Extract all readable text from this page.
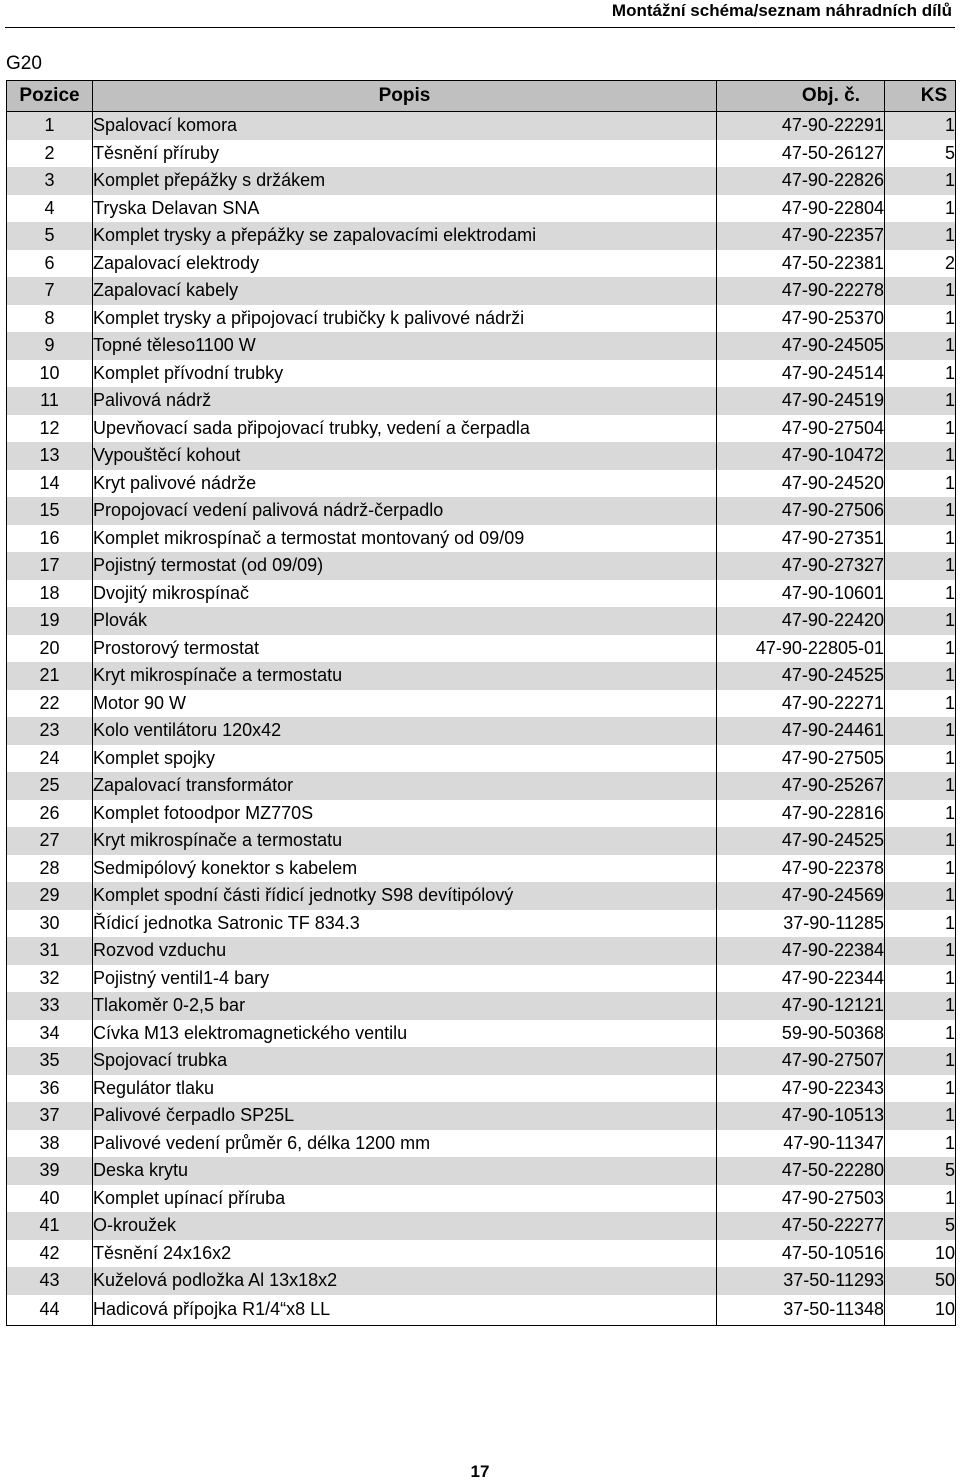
Montážní schéma/seznam náhradních dílů
G20
Pozice	Popis	Obj. č.	KS
1	Spalovací komora	47-90-22291	1
2	Těsnění příruby	47-50-26127	5
3	Komplet přepážky s držákem	47-90-22826	1
4	Tryska Delavan SNA	47-90-22804	1
5	Komplet trysky a přepážky se zapalovacími elektrodami	47-90-22357	1
6	Zapalovací elektrody	47-50-22381	2
7	Zapalovací kabely	47-90-22278	1
8	Komplet trysky a připojovací trubičky k palivové nádrži	47-90-25370	1
9	Topné těleso1100 W	47-90-24505	1
10	Komplet přívodní trubky	47-90-24514	1
11	Palivová nádrž	47-90-24519	1
12	Upevňovací sada připojovací trubky, vedení a čerpadla	47-90-27504	1
13	Vypouštěcí kohout	47-90-10472	1
14	Kryt palivové nádrže	47-90-24520	1
15	Propojovací vedení palivová nádrž-čerpadlo	47-90-27506	1
16	Komplet mikrospínač a termostat montovaný od 09/09	47-90-27351	1
17	Pojistný termostat (od 09/09)	47-90-27327	1
18	Dvojitý mikrospínač	47-90-10601	1
19	Plovák	47-90-22420	1
20	Prostorový termostat	47-90-22805-01	1
21	Kryt mikrospínače a termostatu	47-90-24525	1
22	Motor 90 W	47-90-22271	1
23	Kolo ventilátoru 120x42	47-90-24461	1
24	Komplet spojky	47-90-27505	1
25	Zapalovací transformátor	47-90-25267	1
26	Komplet fotoodpor MZ770S	47-90-22816	1
27	Kryt mikrospínače a termostatu	47-90-24525	1
28	Sedmipólový konektor s kabelem	47-90-22378	1
29	Komplet spodní části řídicí jednotky S98 devítipólový	47-90-24569	1
30	Řídicí jednotka Satronic TF 834.3	37-90-11285	1
31	Rozvod vzduchu	47-90-22384	1
32	Pojistný ventil1-4 bary	47-90-22344	1
33	Tlakoměr 0-2,5 bar	47-90-12121	1
34	Cívka M13 elektromagnetického ventilu	59-90-50368	1
35	Spojovací trubka	47-90-27507	1
36	Regulátor tlaku	47-90-22343	1
37	Palivové čerpadlo SP25L	47-90-10513	1
38	Palivové vedení průměr 6, délka 1200 mm	47-90-11347	1
39	Deska krytu	47-50-22280	5
40	Komplet upínací příruba	47-90-27503	1
41	O-kroužek	47-50-22277	5
42	Těsnění 24x16x2	47-50-10516	10
43	Kuželová podložka Al 13x18x2	37-50-11293	50
44	Hadicová přípojka R1/4“x8 LL	37-50-11348	10
17
